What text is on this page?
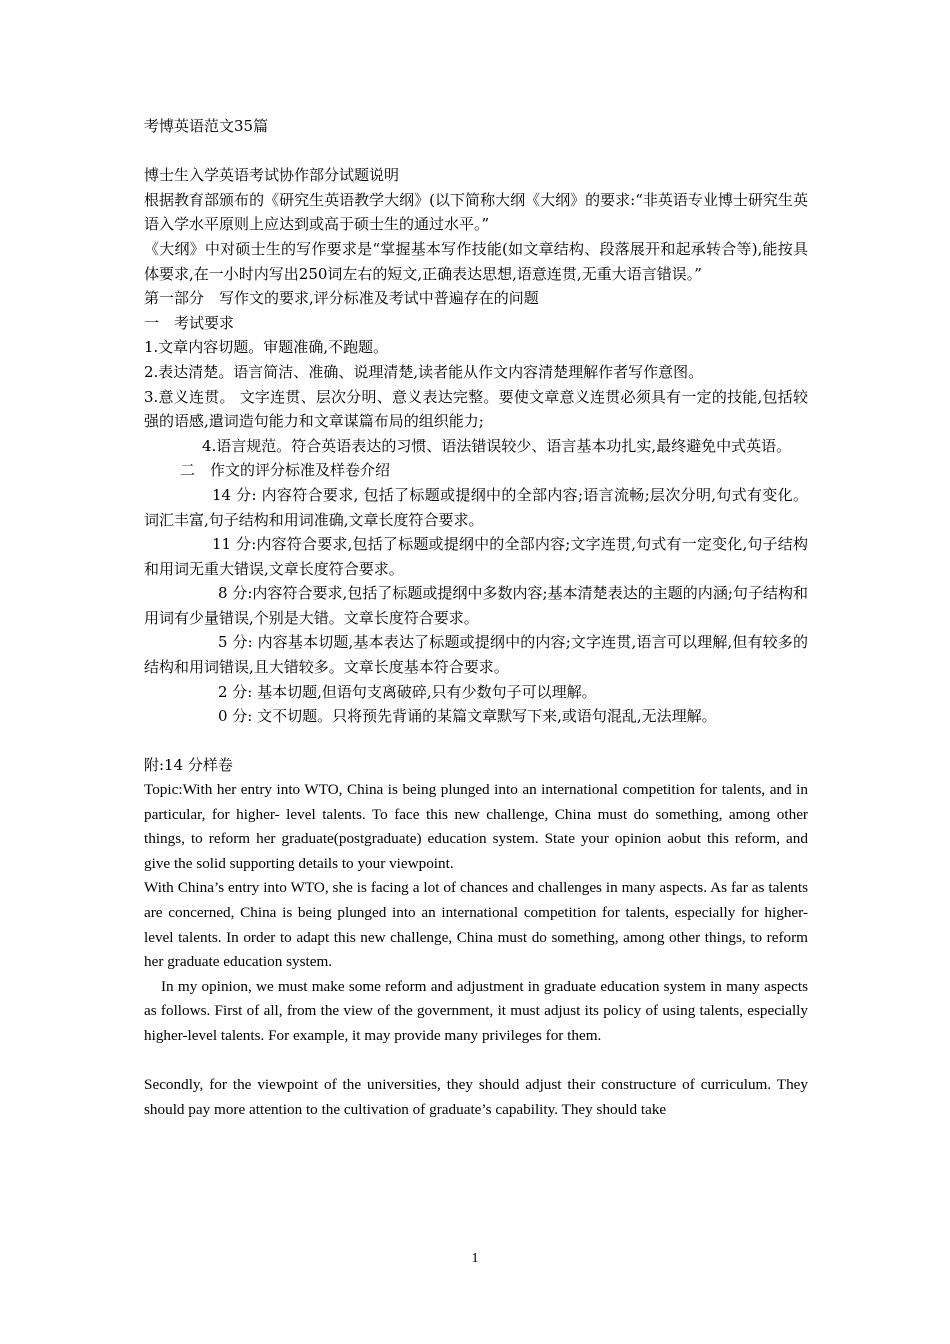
考博英语范文35篇

博士生入学英语考试协作部分试题说明

根据教育部颁布的《研究生英语教学大纲》(以下简称大纲《大纲》的要求:“非英语专业博士研究生英语入学水平原则上应达到或高于硕士生的通过水平。”

《大纲》中对硕士生的写作要求是“掌握基本写作技能(如文章结构、段落展开和起承转合等),能按具体要求,在一小时内写出250词左右的短文,正确表达思想,语意连贯,无重大语言错误。”

第一部分　写作文的要求,评分标准及考试中普遍存在的问题

一　考试要求

1.文章内容切题。审题准确,不跑题。

2.表达清楚。语言简洁、准确、说理清楚,读者能从作文内容清楚理解作者写作意图。

3.意义连贯。 文字连贯、层次分明、意义表达完整。要使文章意义连贯必须具有一定的技能,包括较强的语感,遣词造句能力和文章谋篇布局的组织能力;

4.语言规范。符合英语表达的习惯、语法错误较少、语言基本功扎实,最终避免中式英语。

二　作文的评分标准及样卷介绍

14 分: 内容符合要求, 包括了标题或提纲中的全部内容;语言流畅;层次分明,句式有变化。词汇丰富,句子结构和用词准确,文章长度符合要求。

11 分:内容符合要求,包括了标题或提纲中的全部内容;文字连贯,句式有一定变化,句子结构和用词无重大错误,文章长度符合要求。

8 分:内容符合要求,包括了标题或提纲中多数内容;基本清楚表达的主题的内涵;句子结构和用词有少量错误,个别是大错。文章长度符合要求。

5 分: 内容基本切题,基本表达了标题或提纲中的内容;文字连贯,语言可以理解,但有较多的结构和用词错误,且大错较多。文章长度基本符合要求。

2 分: 基本切题,但语句支离破碎,只有少数句子可以理解。

0 分: 文不切题。只将预先背诵的某篇文章默写下来,或语句混乱,无法理解。

附:14 分样卷

Topic:With her entry into WTO, China is being plunged into an international competition for talents, and in particular, for higher- level talents. To face this new challenge, China must do something, among other things, to reform her graduate(postgraduate) education system. State your opinion aobut this reform, and give the solid supporting details to your viewpoint.

With China’s entry into WTO, she is facing a lot of chances and challenges in many aspects. As far as talents are concerned, China is being plunged into an international competition for talents, especially for higher-level talents. In order to adapt this new challenge, China must do something, among other things, to reform her graduate education system.

In my opinion, we must make some reform and adjustment in graduate education system in many aspects as follows. First of all, from the view of the government, it must adjust its policy of using talents, especially higher-level talents. For example, it may provide many privileges for them.

Secondly, for the viewpoint of the universities, they should adjust their constructure of curriculum. They should pay more attention to the cultivation of graduate’s capability. They should take

1
